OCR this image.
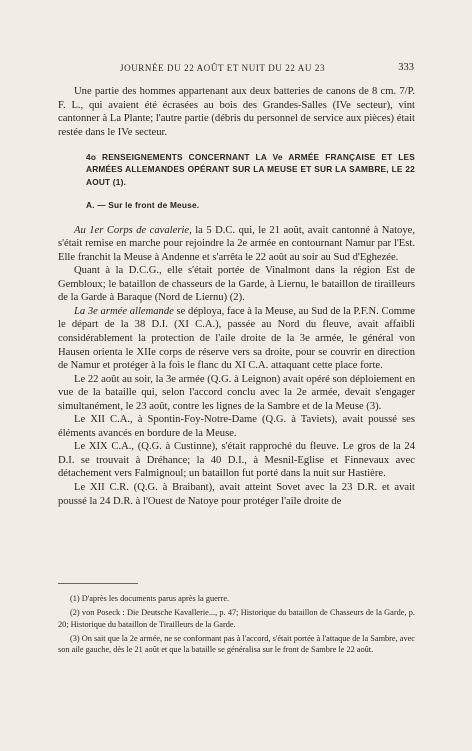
JOURNÉE DU 22 AOÛT ET NUIT DU 22 AU 23	333

Une partie des hommes appartenant aux deux batteries de canons de 8 cm. 7/P. F. L., qui avaient été écrasées au bois des Grandes-Salles (IVe secteur), vint cantonner à La Plante; l'autre partie (débris du personnel de service aux pièces) était restée dans le IVe secteur.

4o RENSEIGNEMENTS CONCERNANT LA Ve ARMÉE FRANÇAISE ET LES ARMÉES ALLEMANDES OPÉRANT SUR LA MEUSE ET SUR LA SAMBRE, LE 22 AOUT (1).
A. — Sur le front de Meuse.

Au 1er Corps de cavalerie, la 5 D.C. qui, le 21 août, avait cantonné à Natoye, s'était remise en marche pour rejoindre la 2e armée en contournant Namur par l'Est. Elle franchit la Meuse à Andenne et s'arrêta le 22 août au soir au Sud d'Eghezée.

Quant à la D.C.G., elle s'était portée de Vinalmont dans la région Est de Gembloux; le bataillon de chasseurs de la Garde, à Liernu, le bataillon de tirailleurs de la Garde à Baraque (Nord de Liernu) (2).

La 3e armée allemande se déploya, face à la Meuse, au Sud de la P.F.N. Comme le départ de la 38 D.I. (XI C.A.), passée au Nord du fleuve, avait affaibli considérablement la protection de l'aile droite de la 3e armée, le général von Hausen orienta le XIIe corps de réserve vers sa droite, pour se couvrir en direction de Namur et protéger à la fois le flanc du XI C.A. attaquant cette place forte.

Le 22 août au soir, la 3e armée (Q.G. à Leignon) avait opéré son déploiement en vue de la bataille qui, selon l'accord conclu avec la 2e armée, devait s'engager simultanément, le 23 août, contre les lignes de la Sambre et de la Meuse (3).

Le XII C.A., à Spontin-Foy-Notre-Dame (Q.G. à Taviets), avait poussé ses éléments avancés en bordure de la Meuse.

Le XIX C.A., (Q.G. à Custinne), s'était rapproché du fleuve. Le gros de la 24 D.I. se trouvait à Dréhance; la 40 D.I., à Mesnil-Eglise et Finnevaux avec détachement vers Falmignoul; un bataillon fut porté dans la nuit sur Hastière.

Le XII C.R. (Q.G. à Braibant), avait atteint Sovet avec la 23 D.R. et avait poussé la 24 D.R. à l'Ouest de Natoye pour protéger l'aile droite de

(1) D'après les documents parus après la guerre.

(2) von Poseck : Die Deutsche Kavallerie..., p. 47; Historique du bataillon de Chasseurs de la Garde, p. 20; Historique du bataillon de Tirailleurs de la Garde.

(3) On sait que la 2e armée, ne se conformant pas à l'accord, s'était portée à l'attaque de la Sambre, avec son aile gauche, dès le 21 août et que la bataille se généralisa sur le front de Sambre le 22 août.
